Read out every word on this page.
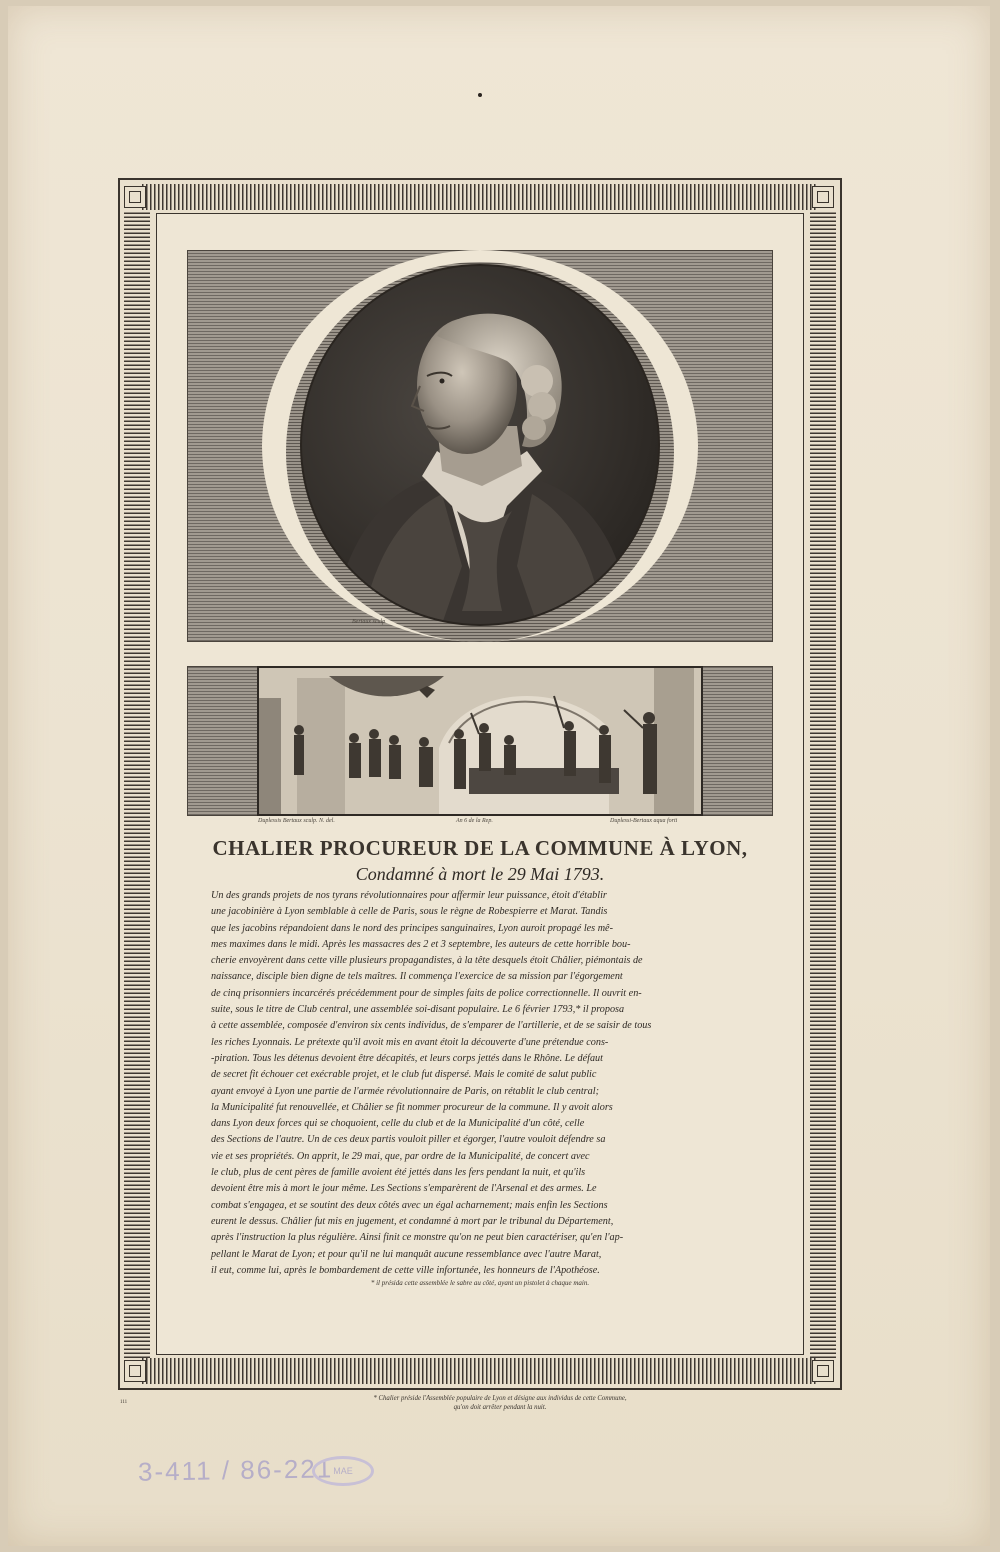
Bertaux sculp
Duplessis Bertaux sculp. N. del.	An 6 de la Rep.	Duplessi-Bertaux aqua forti
CHALIER PROCUREUR DE LA COMMUNE À LYON,
Condamné à mort le 29 Mai 1793.

Un des grands projets de nos tyrans révolutionnaires pour affermir leur puissance, étoit d'établir

une jacobinière à Lyon semblable à celle de Paris, sous le règne de Robespierre et Marat. Tandis

que les jacobins répandoient dans le nord des principes sanguinaires, Lyon auroit propagé les mê-

mes maximes dans le midi. Après les massacres des 2 et 3 septembre, les auteurs de cette horrible bou-

cherie envoyèrent dans cette ville plusieurs propagandistes, à la tête desquels étoit Châlier, piémontais de

naissance, disciple bien digne de tels maîtres. Il commença l'exercice de sa mission par l'égorgement

de cinq prisonniers incarcérés précédemment pour de simples faits de police correctionnelle. Il ouvrit en-

suite, sous le titre de Club central, une assemblée soi-disant populaire. Le 6 février 1793,* il proposa

à cette assemblée, composée d'environ six cents individus, de s'emparer de l'artillerie, et de se saisir de tous

les riches Lyonnais. Le prétexte qu'il avoit mis en avant étoit la découverte d'une prétendue cons-

-piration. Tous les détenus devoient être décapités, et leurs corps jettés dans le Rhône. Le défaut

de secret fit échouer cet exécrable projet, et le club fut dispersé. Mais le comité de salut public

ayant envoyé à Lyon une partie de l'armée révolutionnaire de Paris, on rétablit le club central;

la Municipalité fut renouvellée, et Châlier se fit nommer procureur de la commune. Il y avoit alors

dans Lyon deux forces qui se choquoient, celle du club et de la Municipalité d'un côté, celle

des Sections de l'autre. Un de ces deux partis vouloit piller et égorger, l'autre vouloit défendre sa

vie et ses propriétés. On apprit, le 29 mai, que, par ordre de la Municipalité, de concert avec

le club, plus de cent pères de famille avoient été jettés dans les fers pendant la nuit, et qu'ils

devoient être mis à mort le jour même. Les Sections s'emparèrent de l'Arsenal et des armes. Le

combat s'engagea, et se soutint des deux côtés avec un égal acharnement; mais enfin les Sections

eurent le dessus. Châlier fut mis en jugement, et condamné à mort par le tribunal du Département,

après l'instruction la plus régulière. Ainsi finit ce monstre qu'on ne peut bien caractériser, qu'en l'ap-

pellant le Marat de Lyon; et pour qu'il ne lui manquât aucune ressemblance avec l'autre Marat,

il eut, comme lui, après le bombardement de cette ville infortunée, les honneurs de l'Apothéose.

* il présida cette assemblée le sabre au côté, ayant un pistolet à chaque main.
111
* Chalier préside l'Assemblée populaire de Lyon et désigne aux individus de cette Commune,
qu'on doit arrêter pendant la nuit.
3-411 / 86-221 MAE
